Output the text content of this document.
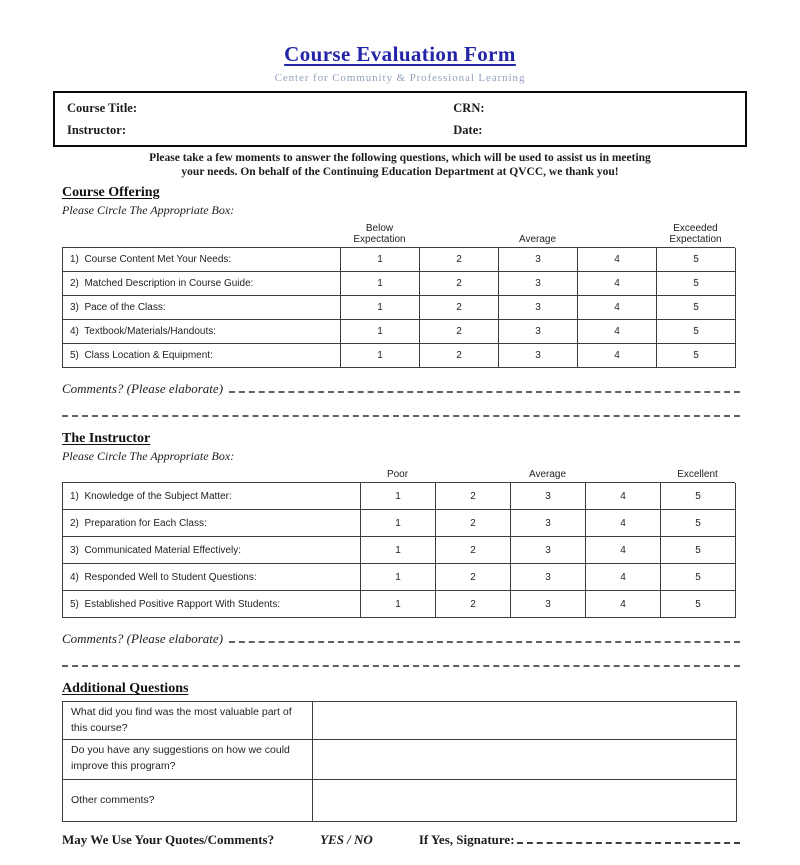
Course Evaluation Form
Center for Community & Professional Learning
Course Title:	CRN:
Instructor:	Date:

Please take a few moments to answer the following questions, which will be used to assist us in meeting
your needs. On behalf of the Continuing Education Department at QVCC, we thank you!

Course Offering
Please Circle The Appropriate Box:
Below
Expectation	Average
Exceeded
Expectation
1)  Course Content Met Your Needs:	1	2	3	4	5
2)  Matched Description in Course Guide:	1	2	3	4	5
3)  Pace of the Class:	1	2	3	4	5
4)  Textbook/Materials/Handouts:	1	2	3	4	5
5)  Class Location & Equipment:	1	2	3	4	5
Comments? (Please elaborate)
The Instructor
Please Circle The Appropriate Box:
Poor	Average	Excellent
1)  Knowledge of the Subject Matter:	1	2	3	4	5
2)  Preparation for Each Class:	1	2	3	4	5
3)  Communicated Material Effectively:	1	2	3	4	5
4)  Responded Well to Student Questions:	1	2	3	4	5
5)  Established Positive Rapport With Students:	1	2	3	4	5
Comments? (Please elaborate)
Additional Questions
What did you find was the most valuable part of this course?
Do you have any suggestions on how we could improve this program?
Other comments?
May We Use Your Quotes/Comments?	YES / NO	If Yes, Signature:
